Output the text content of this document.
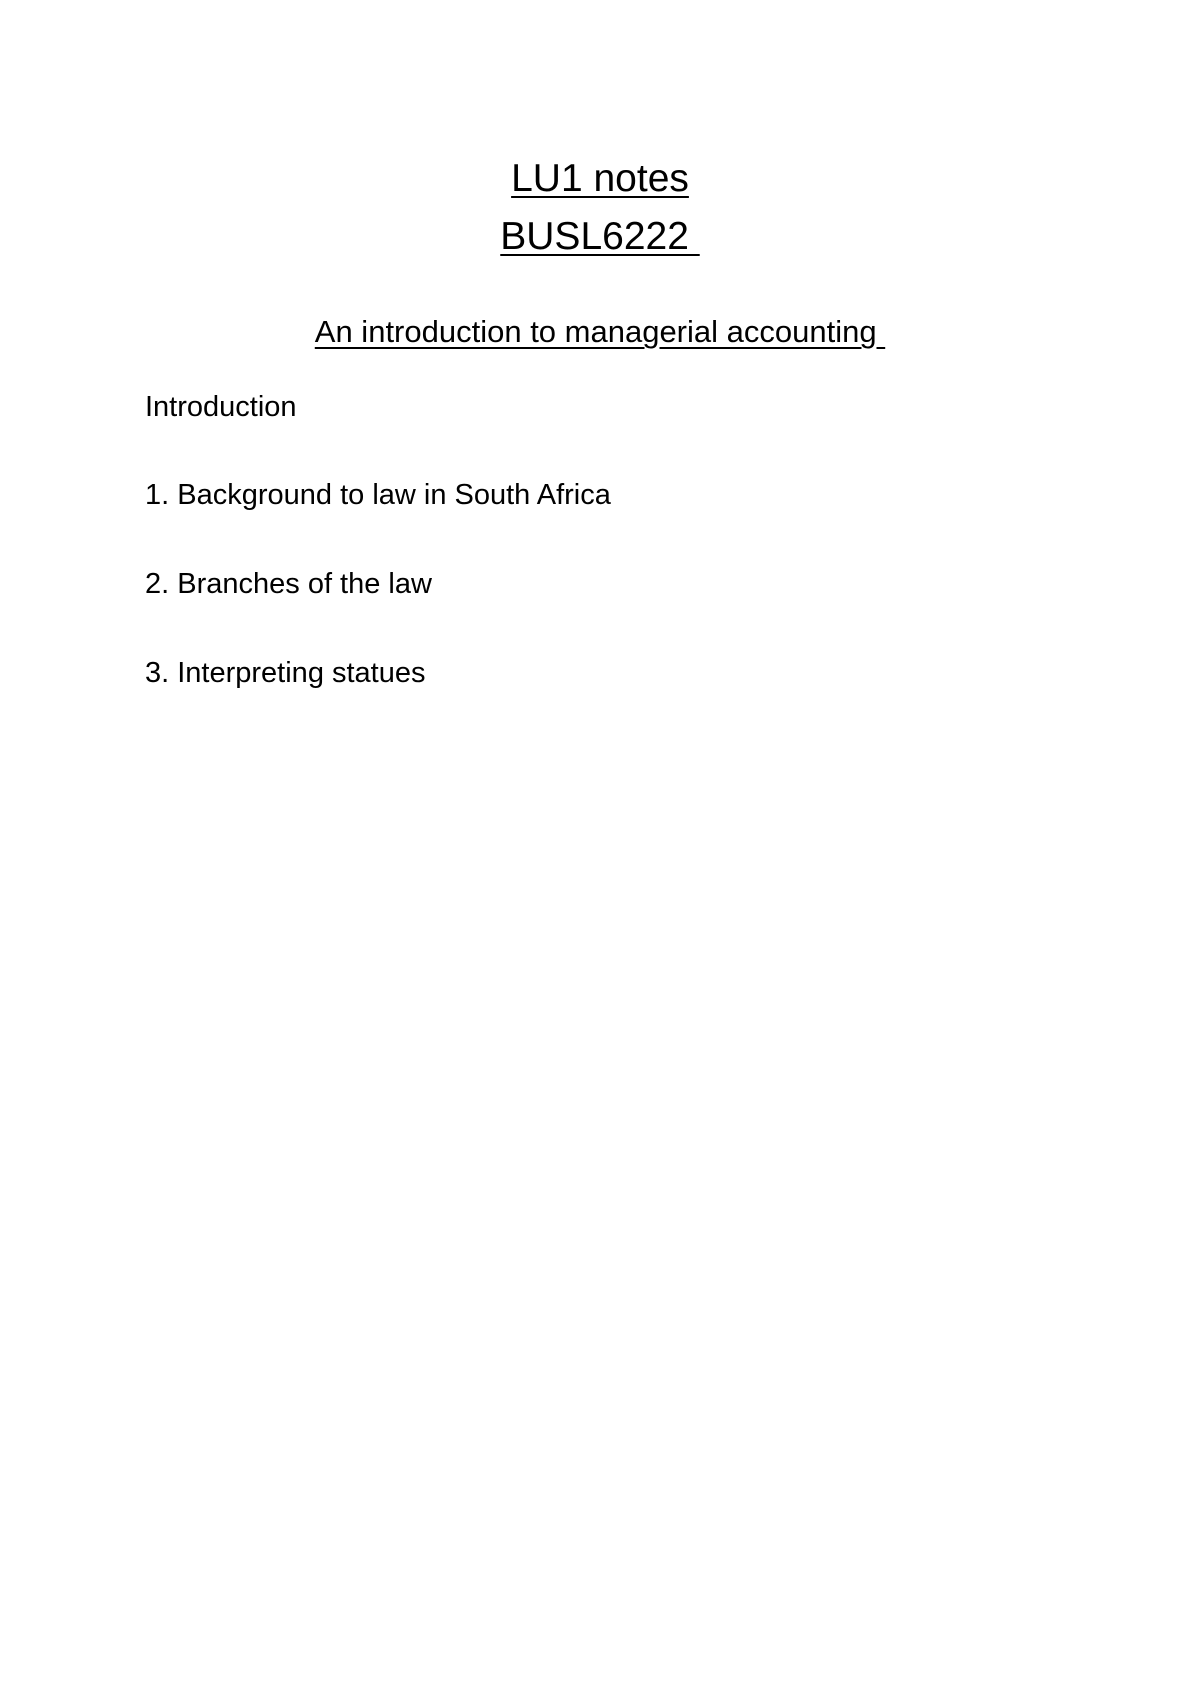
LU1 notes
BUSL6222
An introduction to managerial accounting

Introduction

1. Background to law in South Africa

2. Branches of the law

3. Interpreting statues
